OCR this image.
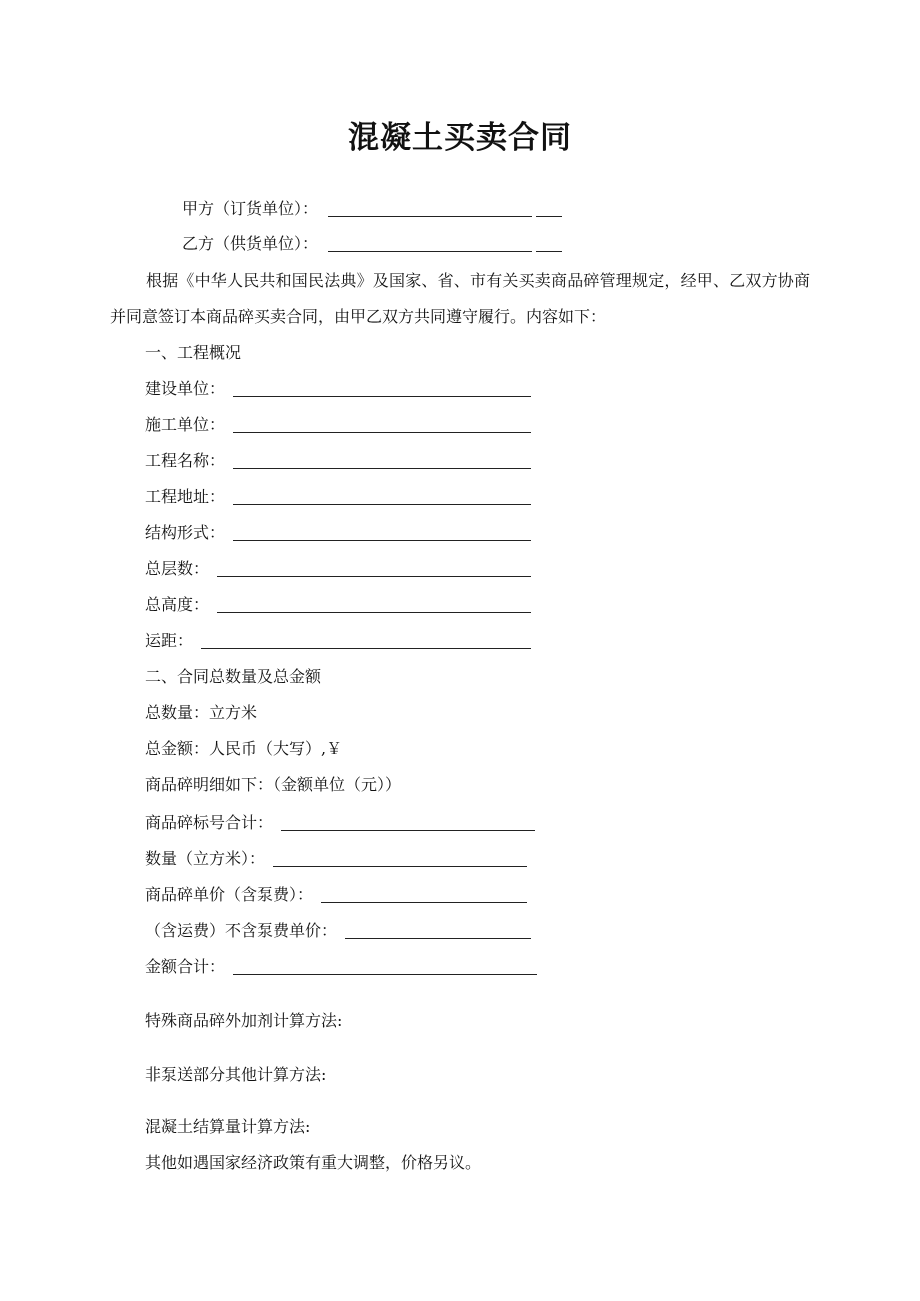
混凝土买卖合同
甲方（订货单位）：
乙方（供货单位）：
根据《中华人民共和国民法典》及国家、省、市有关买卖商品碎管理规定，经甲、乙双方协商并同意签订本商品碎买卖合同，由甲乙双方共同遵守履行。内容如下：
一、工程概况
建设单位：
施工单位：
工程名称：
工程地址：
结构形式：
总层数：
总高度：
运距：
二、合同总数量及总金额
总数量：立方米
总金额：人民币（大写）,￥
商品碎明细如下：（金额单位（元））
商品碎标号合计：
数量（立方米）：
商品碎单价（含泵费）：
（含运费）不含泵费单价：
金额合计：
特殊商品碎外加剂计算方法:
非泵送部分其他计算方法:
混凝土结算量计算方法:
其他如遇国家经济政策有重大调整，价格另议。
